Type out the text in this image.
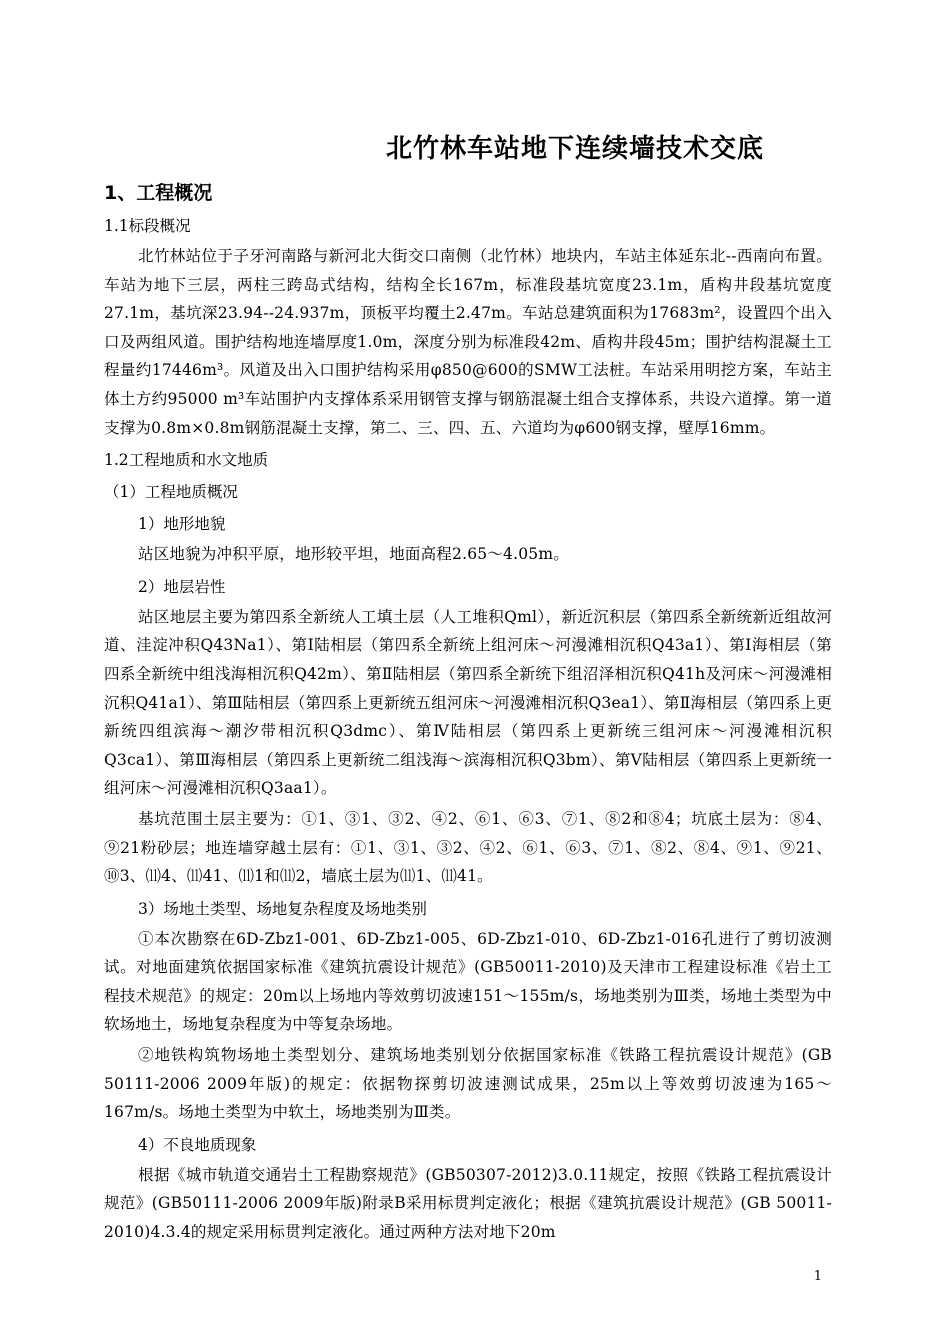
北竹林车站地下连续墙技术交底
1、工程概况
1.1标段概况

北竹林站位于子牙河南路与新河北大街交口南侧（北竹林）地块内，车站主体延东北--西南向布置。车站为地下三层，两柱三跨岛式结构，结构全长167m，标准段基坑宽度23.1m，盾构井段基坑宽度27.1m，基坑深23.94--24.937m，顶板平均覆土2.47m。车站总建筑面积为17683m²，设置四个出入口及两组风道。围护结构地连墙厚度1.0m，深度分别为标准段42m、盾构井段45m；围护结构混凝土工程量约17446m³。风道及出入口围护结构采用φ850@600的SMW工法桩。车站采用明挖方案，车站主体土方约95000 m³车站围护内支撑体系采用钢管支撑与钢筋混凝土组合支撑体系，共设六道撑。第一道支撑为0.8m×0.8m钢筋混凝土支撑，第二、三、四、五、六道均为φ600钢支撑，壁厚16mm。

1.2工程地质和水文地质
（1）工程地质概况
1）地形地貌

站区地貌为冲积平原，地形较平坦，地面高程2.65～4.05m。

2）地层岩性

站区地层主要为第四系全新统人工填土层（人工堆积Qml），新近沉积层（第四系全新统新近组故河道、洼淀冲积Q43Na1）、第Ⅰ陆相层（第四系全新统上组河床～河漫滩相沉积Q43a1）、第Ⅰ海相层（第四系全新统中组浅海相沉积Q42m）、第Ⅱ陆相层（第四系全新统下组沼泽相沉积Q41h及河床～河漫滩相沉积Q41a1）、第Ⅲ陆相层（第四系上更新统五组河床～河漫滩相沉积Q3ea1）、第Ⅱ海相层（第四系上更新统四组滨海～潮汐带相沉积Q3dmc）、第Ⅳ陆相层（第四系上更新统三组河床～河漫滩相沉积Q3ca1）、第Ⅲ海相层（第四系上更新统二组浅海～滨海相沉积Q3bm）、第Ⅴ陆相层（第四系上更新统一组河床～河漫滩相沉积Q3aa1）。

基坑范围土层主要为：①1、③1、③2、④2、⑥1、⑥3、⑦1、⑧2和⑧4；坑底土层为：⑧4、⑨21粉砂层；地连墙穿越土层有：①1、③1、③2、④2、⑥1、⑥3、⑦1、⑧2、⑧4、⑨1、⑨21、⑩3、⑾4、⑾41、⑾1和⑾2，墙底土层为⑾1、⑾41。

3）场地土类型、场地复杂程度及场地类别

①本次勘察在6D-Zbz1-001、6D-Zbz1-005、6D-Zbz1-010、6D-Zbz1-016孔进行了剪切波测试。对地面建筑依据国家标准《建筑抗震设计规范》(GB50011-2010)及天津市工程建设标准《岩土工程技术规范》的规定：20m以上场地内等效剪切波速151～155m/s，场地类别为Ⅲ类，场地土类型为中软场地土，场地复杂程度为中等复杂场地。

②地铁构筑物场地土类型划分、建筑场地类别划分依据国家标准《铁路工程抗震设计规范》(GB 50111-2006 2009年版)的规定：依据物探剪切波速测试成果，25m以上等效剪切波速为165～167m/s。场地土类型为中软土，场地类别为Ⅲ类。

4）不良地质现象

根据《城市轨道交通岩土工程勘察规范》(GB50307-2012)3.0.11规定，按照《铁路工程抗震设计规范》(GB50111-2006 2009年版)附录B采用标贯判定液化；根据《建筑抗震设计规范》(GB 50011-2010)4.3.4的规定采用标贯判定液化。通过两种方法对地下20m

1
